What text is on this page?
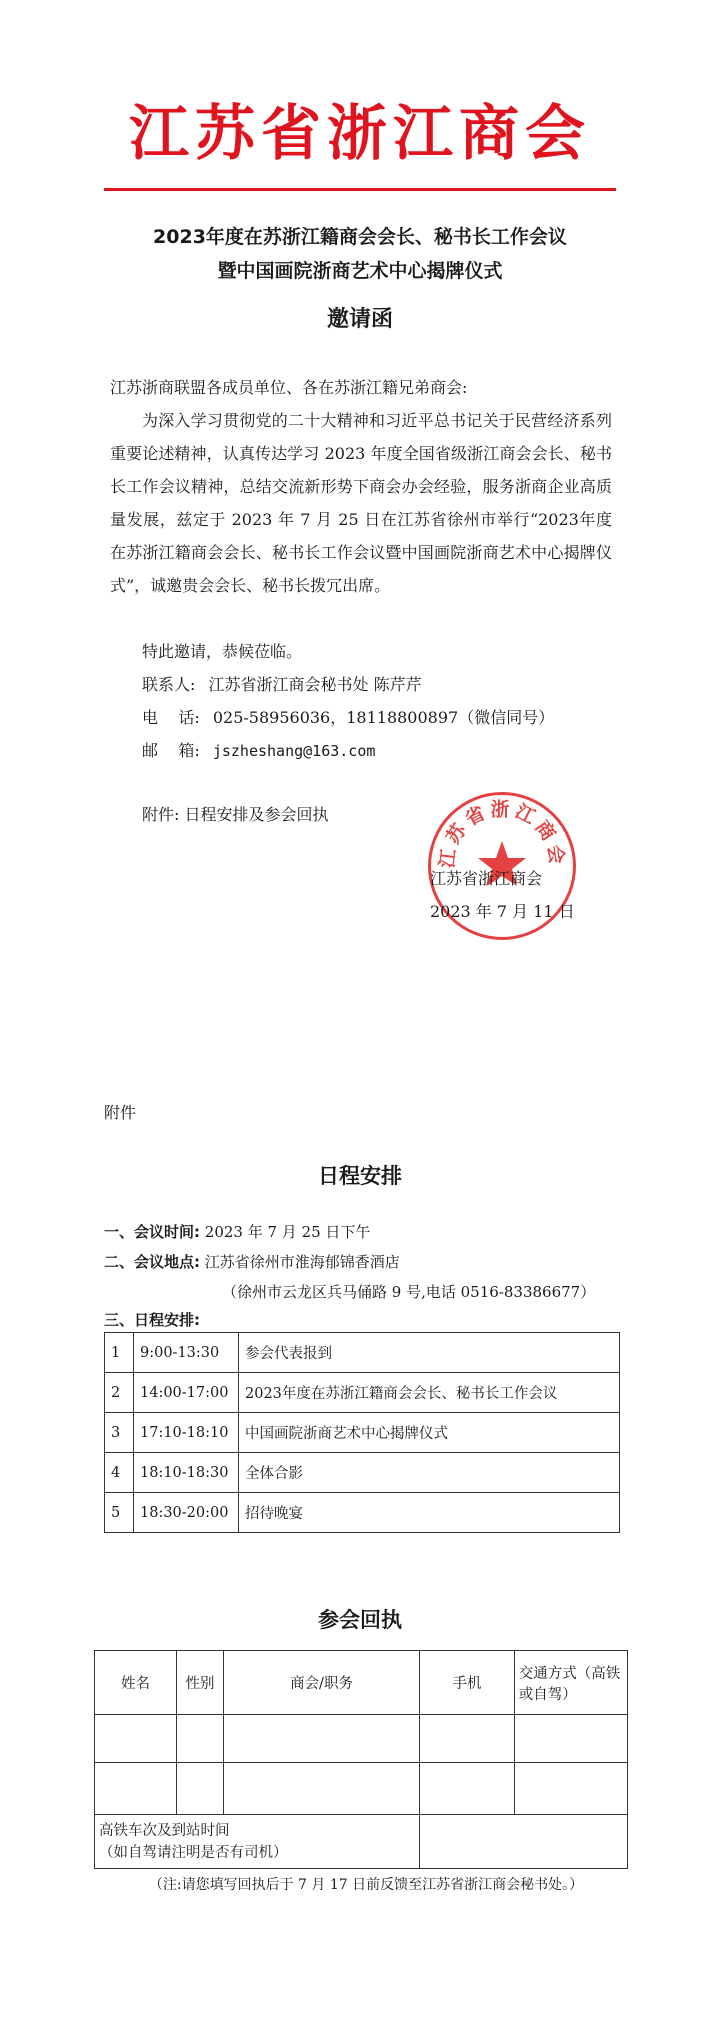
江苏省浙江商会
2023年度在苏浙江籍商会会长、秘书长工作会议
暨中国画院浙商艺术中心揭牌仪式
邀请函
江苏浙商联盟各成员单位、各在苏浙江籍兄弟商会:
为深入学习贯彻党的二十大精神和习近平总书记关于民营经济系列重要论述精神，认真传达学习 2023 年度全国省级浙江商会会长、秘书长工作会议精神，总结交流新形势下商会办会经验，服务浙商企业高质量发展，兹定于 2023 年 7 月 25 日在江苏省徐州市举行“2023年度在苏浙江籍商会会长、秘书长工作会议暨中国画院浙商艺术中心揭牌仪式”，诚邀贵会会长、秘书长拨冗出席。
特此邀请，恭候莅临。
联系人: 江苏省浙江商会秘书处 陈芹芹
电    话: 025-58956036，18118800897（微信同号）
邮    箱: jszheshang@163.com
附件: 日程安排及参会回执
江苏省浙江商会
江苏省浙江商会
2023 年 7 月 11 日
附件
日程安排
一、会议时间: 2023 年 7 月 25 日下午
二、会议地点: 江苏省徐州市淮海郁锦香酒店
（徐州市云龙区兵马俑路 9 号,电话 0516-83386677）
三、日程安排:
1	9:00-13:30	参会代表报到
2	14:00-17:00	2023年度在苏浙江籍商会会长、秘书长工作会议
3	17:10-18:10	中国画院浙商艺术中心揭牌仪式
4	18:10-18:30	全体合影
5	18:30-20:00	招待晚宴
参会回执
姓名	性别	商会/职务	手机	交通方式（高铁或自驾）

高铁车次及到站时间
（如自驾请注明是否有司机）				

（注:请您填写回执后于 7 月 17 日前反馈至江苏省浙江商会秘书处。）
